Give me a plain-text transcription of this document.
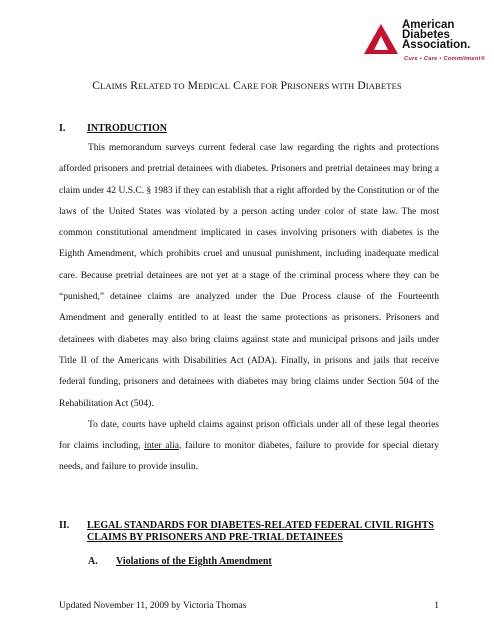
American
Diabetes
Association.
Cure • Care • Commitment®
CLAIMS RELATED TO MEDICAL CARE FOR PRISONERS WITH DIABETES
I. INTRODUCTION

This memorandum surveys current federal case law regarding the rights and protections afforded prisoners and pretrial detainees with diabetes. Prisoners and pretrial detainees may bring a claim under 42 U.S.C. § 1983 if they can establish that a right afforded by the Constitution or of the laws of the United States was violated by a person acting under color of state law. The most common constitutional amendment implicated in cases involving prisoners with diabetes is the Eighth Amendment, which prohibits cruel and unusual punishment, including inadequate medical care. Because pretrial detainees are not yet at a stage of the criminal process where they can be “punished,” detainee claims are analyzed under the Due Process clause of the Fourteenth Amendment and generally entitled to at least the same protections as prisoners. Prisoners and detainees with diabetes may also bring claims against state and municipal prisons and jails under Title II of the Americans with Disabilities Act (ADA). Finally, in prisons and jails that receive federal funding, prisoners and detainees with diabetes may bring claims under Section 504 of the Rehabilitation Act (504).

To date, courts have upheld claims against prison officials under all of these legal theories for claims including, inter alia, failure to monitor diabetes, failure to provide for special dietary needs, and failure to provide insulin.

II. LEGAL STANDARDS FOR DIABETES-RELATED FEDERAL CIVIL RIGHTS
CLAIMS BY PRISONERS AND PRE-TRIAL DETAINEES
A. Violations of the Eighth Amendment
Updated November 11, 2009 by Victoria Thomas	1
